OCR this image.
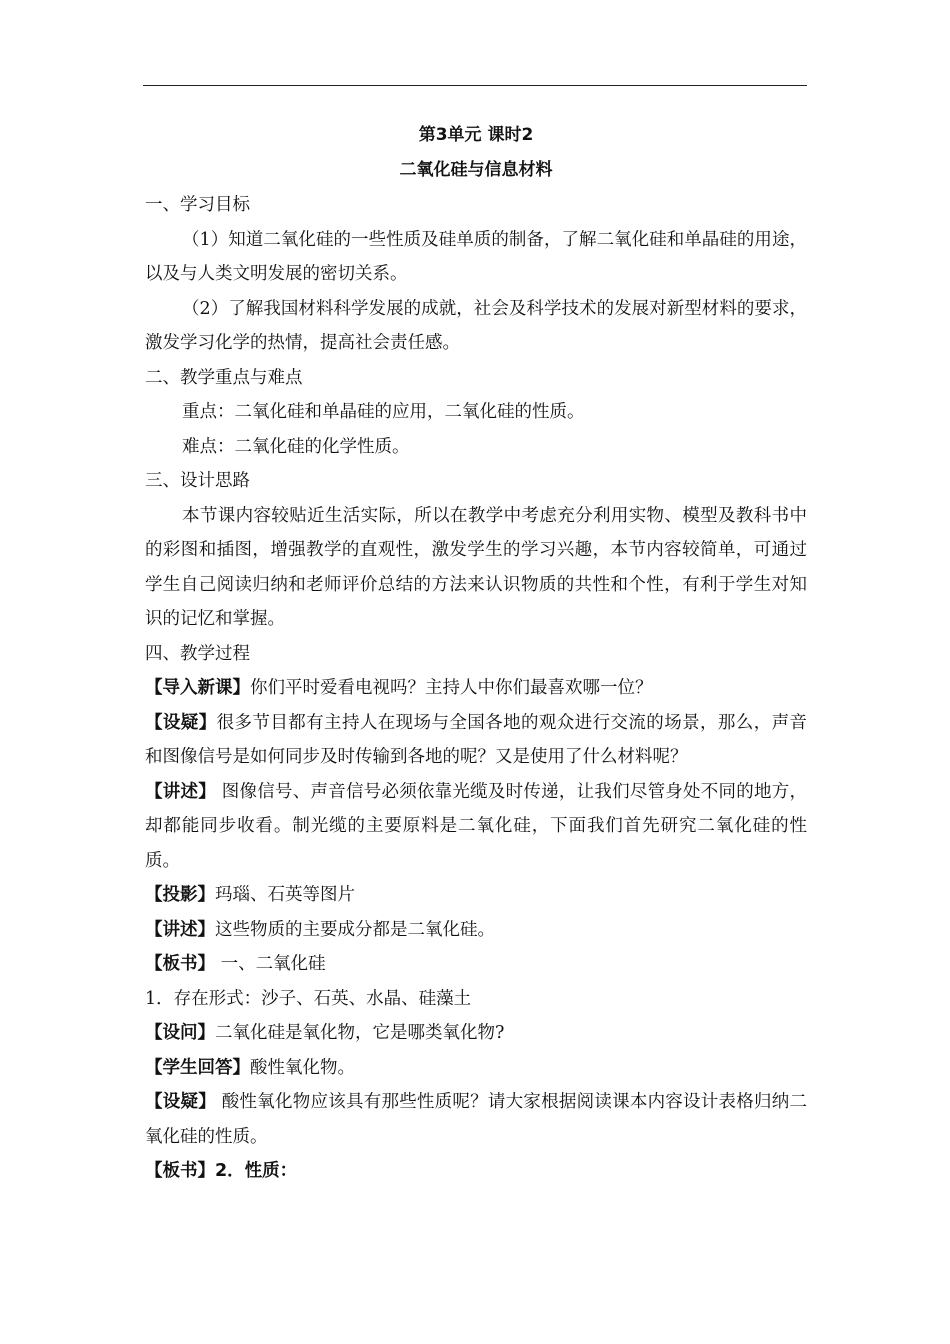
第3单元 课时2
二氧化硅与信息材料
一、学习目标
（1）知道二氧化硅的一些性质及硅单质的制备，了解二氧化硅和单晶硅的用途，以及与人类文明发展的密切关系。
（2）了解我国材料科学发展的成就，社会及科学技术的发展对新型材料的要求，激发学习化学的热情，提高社会责任感。
二、教学重点与难点
重点：二氧化硅和单晶硅的应用，二氧化硅的性质。
难点：二氧化硅的化学性质。
三、设计思路
本节课内容较贴近生活实际，所以在教学中考虑充分利用实物、模型及教科书中的彩图和插图，增强教学的直观性，激发学生的学习兴趣，本节内容较简单，可通过学生自己阅读归纳和老师评价总结的方法来认识物质的共性和个性，有利于学生对知识的记忆和掌握。
四、教学过程
【导入新课】你们平时爱看电视吗？主持人中你们最喜欢哪一位？
【设疑】很多节目都有主持人在现场与全国各地的观众进行交流的场景，那么，声音和图像信号是如何同步及时传输到各地的呢？又是使用了什么材料呢？
【讲述】 图像信号、声音信号必须依靠光缆及时传递，让我们尽管身处不同的地方，却都能同步收看。制光缆的主要原料是二氧化硅，下面我们首先研究二氧化硅的性质。
【投影】玛瑙、石英等图片
【讲述】这些物质的主要成分都是二氧化硅。
【板书】 一、二氧化硅
1．存在形式：沙子、石英、水晶、硅藻土
【设问】二氧化硅是氧化物，它是哪类氧化物?
【学生回答】酸性氧化物。
【设疑】 酸性氧化物应该具有那些性质呢？请大家根据阅读课本内容设计表格归纳二氧化硅的性质。
【板书】2．性质：
